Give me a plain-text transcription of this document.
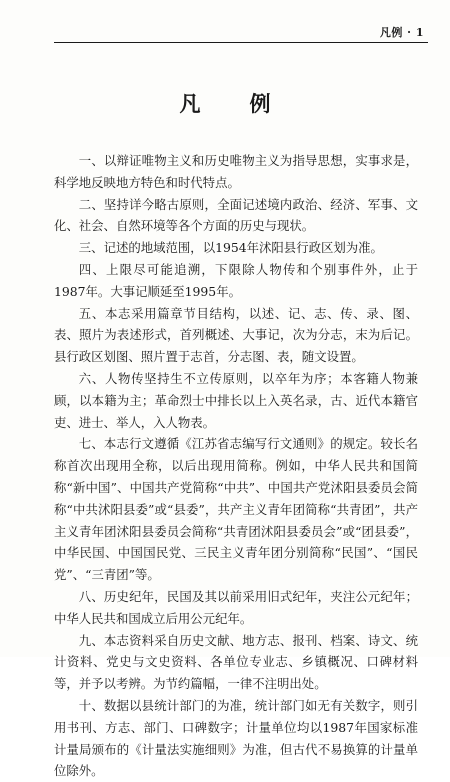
凡例 · 1
凡　例

一、以辩证唯物主义和历史唯物主义为指导思想，实事求是，科学地反映地方特色和时代特点。

二、坚持详今略古原则，全面记述境内政治、经济、军事、文化、社会、自然环境等各个方面的历史与现状。

三、记述的地域范围，以1954年沭阳县行政区划为准。

四、上限尽可能追溯，下限除人物传和个别事件外，止于1987年。大事记顺延至1995年。

五、本志采用篇章节目结构，以述、记、志、传、录、图、表、照片为表述形式，首列概述、大事记，次为分志，末为后记。县行政区划图、照片置于志首，分志图、表，随文设置。

六、人物传坚持生不立传原则，以卒年为序；本客籍人物兼顾，以本籍为主；革命烈士中排长以上入英名录，古、近代本籍官吏、进士、举人，入人物表。

七、本志行文遵循《江苏省志编写行文通则》的规定。较长名称首次出现用全称，以后出现用简称。例如，中华人民共和国简称“新中国”、中国共产党简称“中共”、中国共产党沭阳县委员会简称“中共沭阳县委”或“县委”，共产主义青年团简称“共青团”，共产主义青年团沭阳县委员会简称“共青团沭阳县委员会”或“团县委”，中华民国、中国国民党、三民主义青年团分别简称“民国”、“国民党”、“三青团”等。

八、历史纪年，民国及其以前采用旧式纪年，夹注公元纪年；中华人民共和国成立后用公元纪年。

九、本志资料采自历史文献、地方志、报刊、档案、诗文、统计资料、党史与文史资料、各单位专业志、乡镇概况、口碑材料等，并予以考辨。为节约篇幅，一律不注明出处。

十、数据以县统计部门的为准，统计部门如无有关数字，则引用书刊、方志、部门、口碑数字；计量单位均以1987年国家标准计量局颁布的《计量法实施细则》为准，但古代不易换算的计量单位除外。
